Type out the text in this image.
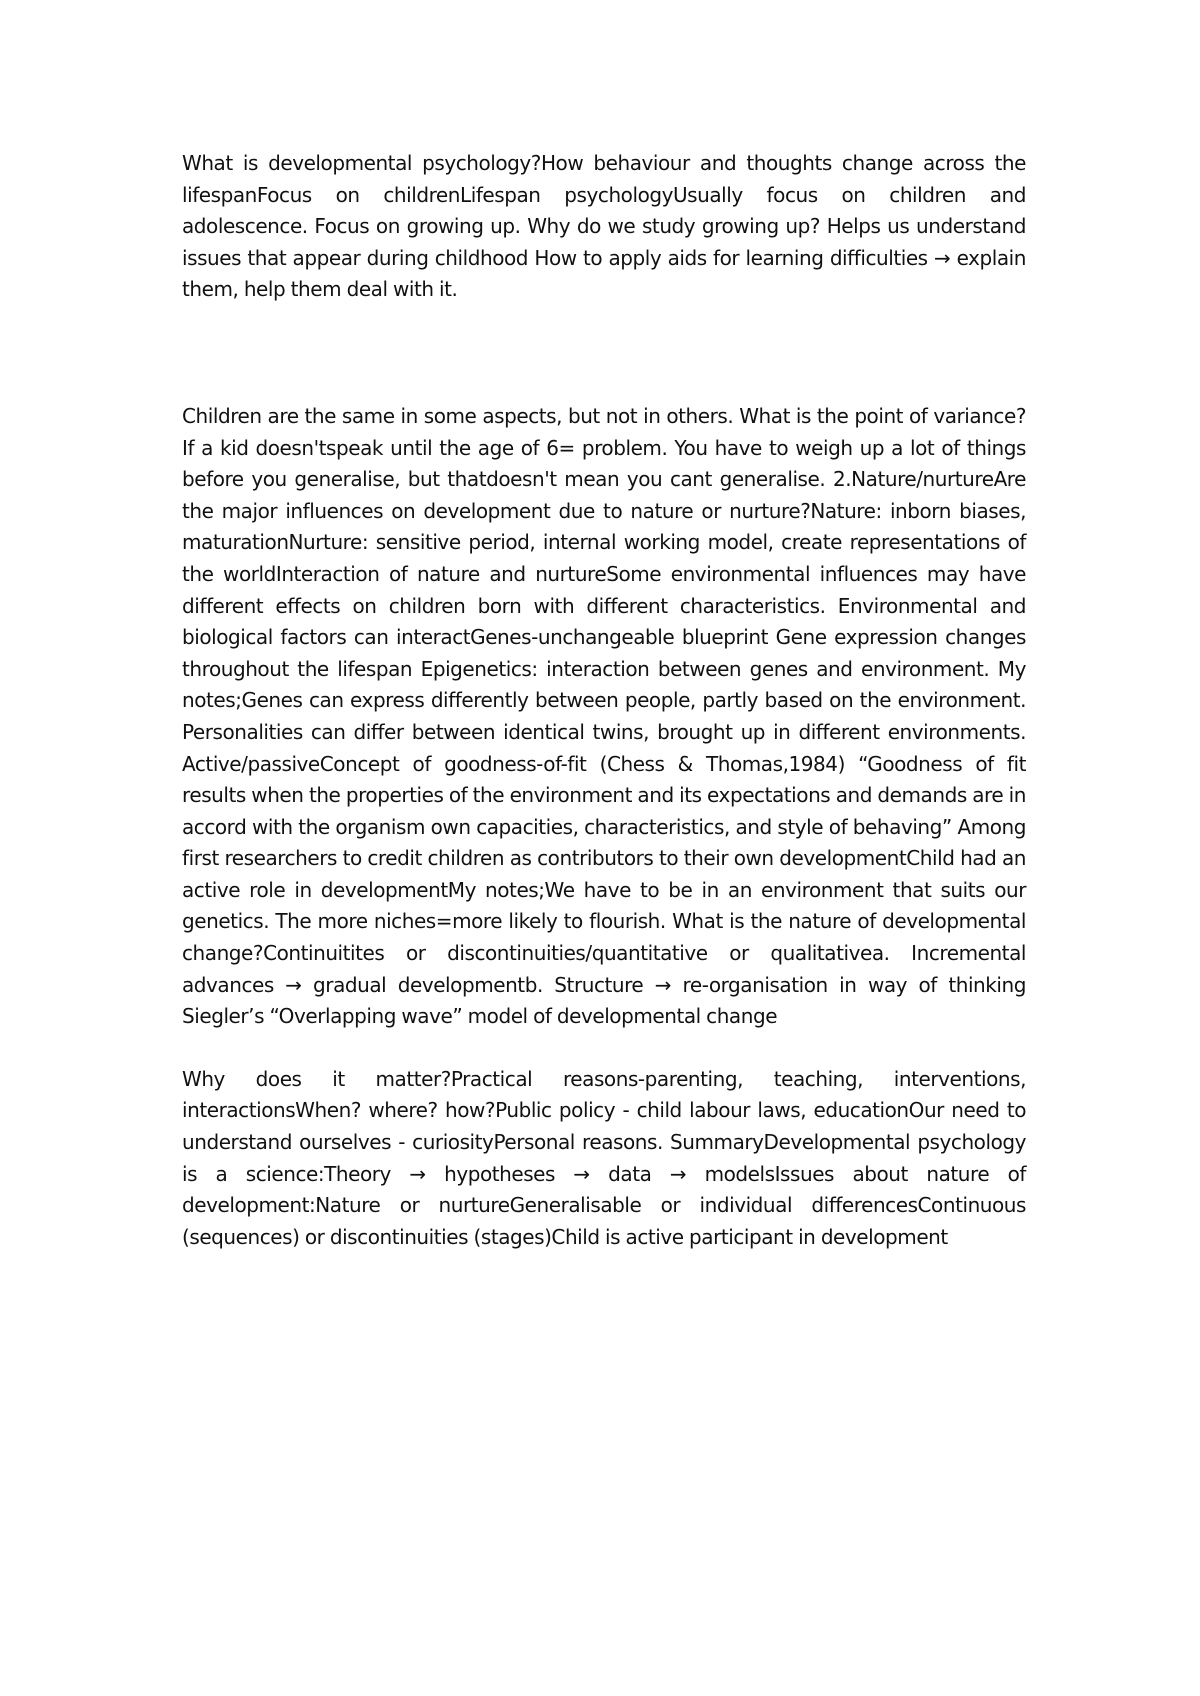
What is developmental psychology?How behaviour and thoughts change across the lifespanFocus on childrenLifespan psychologyUsually focus on children and adolescence. Focus on growing up. Why do we study growing up? Helps us understand issues that appear during childhood How to apply aids for learning difficulties → explain them, help them deal with it.

Children are the same in some aspects, but not in others. What is the point of variance? If a kid doesn'tspeak until the age of 6= problem. You have to weigh up a lot of things before you generalise, but thatdoesn't mean you cant generalise. 2.Nature/nurtureAre the major influences on development due to nature or nurture?Nature: inborn biases, maturationNurture: sensitive period, internal working model, create representations of the worldInteraction of nature and nurtureSome environmental influences may have different effects on children born with different characteristics. Environmental and biological factors can interactGenes-unchangeable blueprint Gene expression changes throughout the lifespan Epigenetics: interaction between genes and environment. My notes;Genes can express differently between people, partly based on the environment. Personalities can differ between identical twins, brought up in different environments. Active/passiveConcept of goodness-of-fit (Chess & Thomas,1984) “Goodness of fit results when the properties of the environment and its expectations and demands are in accord with the organism own capacities, characteristics, and style of behaving” Among first researchers to credit children as contributors to their own developmentChild had an active role in developmentMy notes;We have to be in an environment that suits our genetics. The more niches=more likely to flourish. What is the nature of developmental change?Continuitites or discontinuities/quantitative or qualitativea. Incremental advances → gradual developmentb. Structure → re-organisation in way of thinking Siegler’s “Overlapping wave” model of developmental change

Why does it matter?Practical reasons-parenting, teaching, interventions, interactionsWhen? where? how?Public policy - child labour laws, educationOur need to understand ourselves - curiosityPersonal reasons. SummaryDevelopmental psychology is a science:Theory → hypotheses → data → modelsIssues about nature of development:Nature or nurtureGeneralisable or individual differencesContinuous (sequences) or discontinuities (stages)Child is active participant in development
